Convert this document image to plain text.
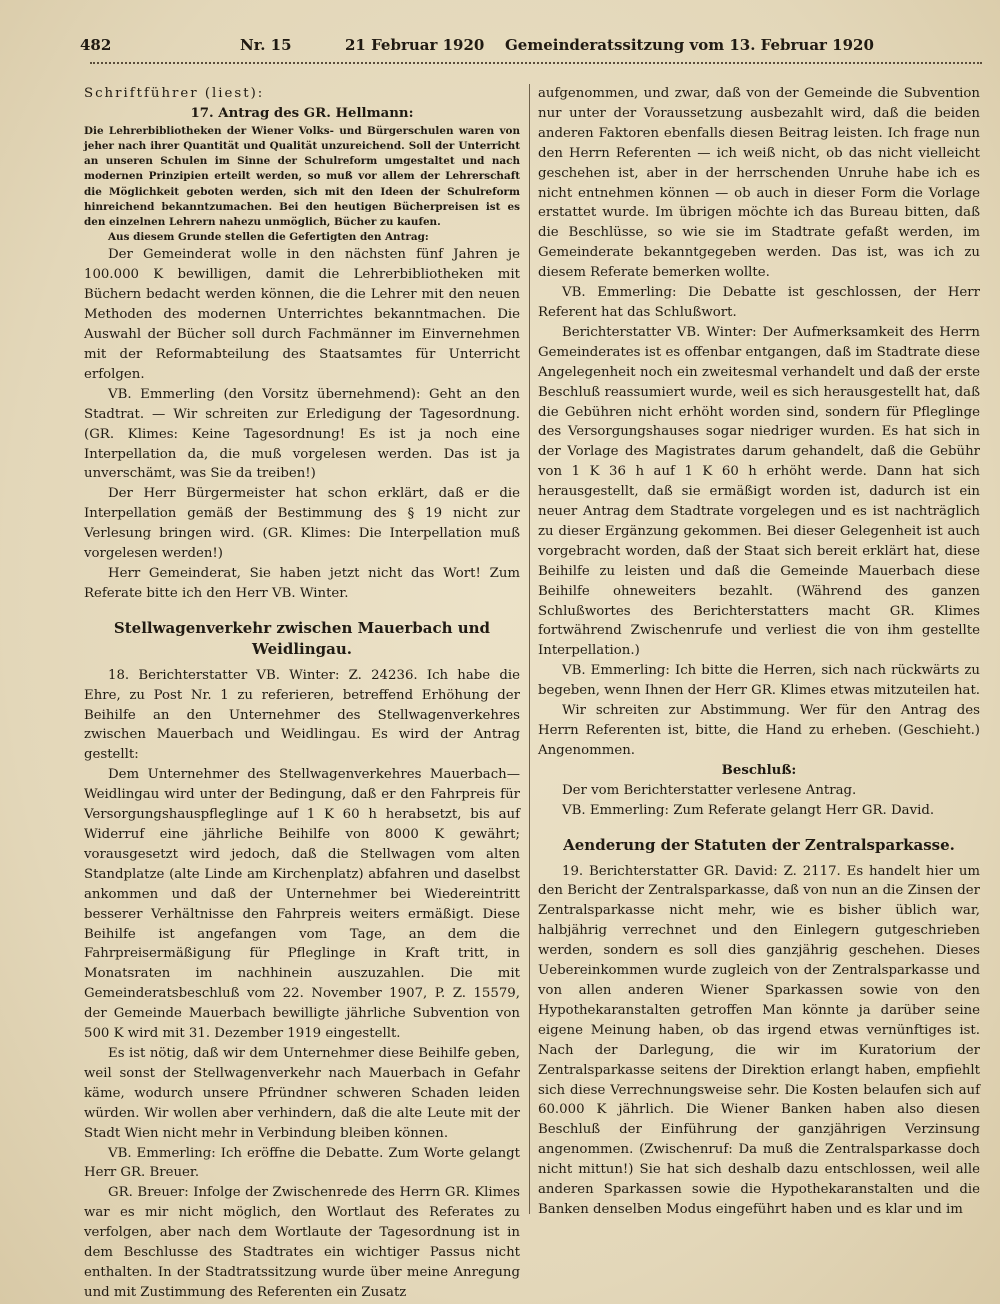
482	Nr. 15	21 Februar 1920 Gemeinderatssitzung vom 13. Februar 1920

Schriftführer (liest):

17. Antrag des GR. Hellmann:

Die Lehrerbibliotheken der Wiener Volks- und Bürgerschulen waren von jeher nach ihrer Quantität und Qualität unzureichend. Soll der Unterricht an unseren Schulen im Sinne der Schulreform umgestaltet und nach modernen Prinzipien erteilt werden, so muß vor allem der Lehrerschaft die Möglichkeit geboten werden, sich mit den Ideen der Schulreform hinreichend bekanntzumachen. Bei den heutigen Bücherpreisen ist es den einzelnen Lehrern nahezu unmöglich, Bücher zu kaufen.

Aus diesem Grunde stellen die Gefertigten den Antrag:

Der Gemeinderat wolle in den nächsten fünf Jahren je 100.000 K bewilligen, damit die Lehrerbibliotheken mit Büchern bedacht werden können, die die Lehrer mit den neuen Methoden des modernen Unterrichtes bekanntmachen. Die Auswahl der Bücher soll durch Fachmänner im Einvernehmen mit der Reformabteilung des Staatsamtes für Unterricht erfolgen.

VB. Emmerling (den Vorsitz übernehmend): Geht an den Stadtrat. — Wir schreiten zur Erledigung der Tagesordnung. (GR. Klimes: Keine Tagesordnung! Es ist ja noch eine Interpellation da, die muß vorgelesen werden. Das ist ja unverschämt, was Sie da treiben!)

Der Herr Bürgermeister hat schon erklärt, daß er die Interpellation gemäß der Bestimmung des § 19 nicht zur Verlesung bringen wird. (GR. Klimes: Die Interpellation muß vorgelesen werden!)

Herr Gemeinderat, Sie haben jetzt nicht das Wort! Zum Referate bitte ich den Herr VB. Winter.

Stellwagenverkehr zwischen Mauerbach und Weidlingau.

18. Berichterstatter VB. Winter: Z. 24236. Ich habe die Ehre, zu Post Nr. 1 zu referieren, betreffend Erhöhung der Beihilfe an den Unternehmer des Stellwagenverkehres zwischen Mauerbach und Weidlingau. Es wird der Antrag gestellt:

Dem Unternehmer des Stellwagenverkehres Mauerbach—Weidlingau wird unter der Bedingung, daß er den Fahrpreis für Versorgungshauspfleglinge auf 1 K 60 h herabsetzt, bis auf Widerruf eine jährliche Beihilfe von 8000 K gewährt; vorausgesetzt wird jedoch, daß die Stellwagen vom alten Standplatze (alte Linde am Kirchenplatz) abfahren und daselbst ankommen und daß der Unternehmer bei Wiedereintritt besserer Verhältnisse den Fahrpreis weiters ermäßigt. Diese Beihilfe ist angefangen vom Tage, an dem die Fahrpreisermäßigung für Pfleglinge in Kraft tritt, in Monatsraten im nachhinein auszuzahlen. Die mit Gemeinderatsbeschluß vom 22. November 1907, P. Z. 15579, der Gemeinde Mauerbach bewilligte jährliche Subvention von 500 K wird mit 31. Dezember 1919 eingestellt.

Es ist nötig, daß wir dem Unternehmer diese Beihilfe geben, weil sonst der Stellwagenverkehr nach Mauerbach in Gefahr käme, wodurch unsere Pfründner schweren Schaden leiden würden. Wir wollen aber verhindern, daß die alte Leute mit der Stadt Wien nicht mehr in Verbindung bleiben können.

VB. Emmerling: Ich eröffne die Debatte. Zum Worte gelangt Herr GR. Breuer.

GR. Breuer: Infolge der Zwischenrede des Herrn GR. Klimes war es mir nicht möglich, den Wortlaut des Referates zu verfolgen, aber nach dem Wortlaute der Tagesordnung ist in dem Beschlusse des Stadtrates ein wichtiger Passus nicht enthalten. In der Stadtratssitzung wurde über meine Anregung und mit Zustimmung des Referenten ein Zusatz

aufgenommen, und zwar, daß von der Gemeinde die Subvention nur unter der Voraussetzung ausbezahlt wird, daß die beiden anderen Faktoren ebenfalls diesen Beitrag leisten. Ich frage nun den Herrn Referenten — ich weiß nicht, ob das nicht vielleicht geschehen ist, aber in der herrschenden Unruhe habe ich es nicht entnehmen können — ob auch in dieser Form die Vorlage erstattet wurde. Im übrigen möchte ich das Bureau bitten, daß die Beschlüsse, so wie sie im Stadtrate gefaßt werden, im Gemeinderate bekanntgegeben werden. Das ist, was ich zu diesem Referate bemerken wollte.

VB. Emmerling: Die Debatte ist geschlossen, der Herr Referent hat das Schlußwort.

Berichterstatter VB. Winter: Der Aufmerksamkeit des Herrn Gemeinderates ist es offenbar entgangen, daß im Stadtrate diese Angelegenheit noch ein zweitesmal verhandelt und daß der erste Beschluß reassumiert wurde, weil es sich herausgestellt hat, daß die Gebühren nicht erhöht worden sind, sondern für Pfleglinge des Versorgungshauses sogar niedriger wurden. Es hat sich in der Vorlage des Magistrates darum gehandelt, daß die Gebühr von 1 K 36 h auf 1 K 60 h erhöht werde. Dann hat sich herausgestellt, daß sie ermäßigt worden ist, dadurch ist ein neuer Antrag dem Stadtrate vorgelegen und es ist nachträglich zu dieser Ergänzung gekommen. Bei dieser Gelegenheit ist auch vorgebracht worden, daß der Staat sich bereit erklärt hat, diese Beihilfe zu leisten und daß die Gemeinde Mauerbach diese Beihilfe ohneweiters bezahlt. (Während des ganzen Schlußwortes des Berichterstatters macht GR. Klimes fortwährend Zwischenrufe und verliest die von ihm gestellte Interpellation.)

VB. Emmerling: Ich bitte die Herren, sich nach rückwärts zu begeben, wenn Ihnen der Herr GR. Klimes etwas mitzuteilen hat.

Wir schreiten zur Abstimmung. Wer für den Antrag des Herrn Referenten ist, bitte, die Hand zu erheben. (Geschieht.) Angenommen.

Beschluß:

Der vom Berichterstatter verlesene Antrag.

VB. Emmerling: Zum Referate gelangt Herr GR. David.

Aenderung der Statuten der Zentralsparkasse.

19. Berichterstatter GR. David: Z. 2117. Es handelt hier um den Bericht der Zentralsparkasse, daß von nun an die Zinsen der Zentralsparkasse nicht mehr, wie es bisher üblich war, halbjährig verrechnet und den Einlegern gutgeschrieben werden, sondern es soll dies ganzjährig geschehen. Dieses Uebereinkommen wurde zugleich von der Zentralsparkasse und von allen anderen Wiener Sparkassen sowie von den Hypothekaranstalten getroffen Man könnte ja darüber seine eigene Meinung haben, ob das irgend etwas vernünftiges ist. Nach der Darlegung, die wir im Kuratorium der Zentralsparkasse seitens der Direktion erlangt haben, empfiehlt sich diese Verrechnungsweise sehr. Die Kosten belaufen sich auf 60.000 K jährlich. Die Wiener Banken haben also diesen Beschluß der Einführung der ganzjährigen Verzinsung angenommen. (Zwischenruf: Da muß die Zentralsparkasse doch nicht mittun!) Sie hat sich deshalb dazu entschlossen, weil alle anderen Sparkassen sowie die Hypothekaranstalten und die Banken denselben Modus eingeführt haben und es klar und im
